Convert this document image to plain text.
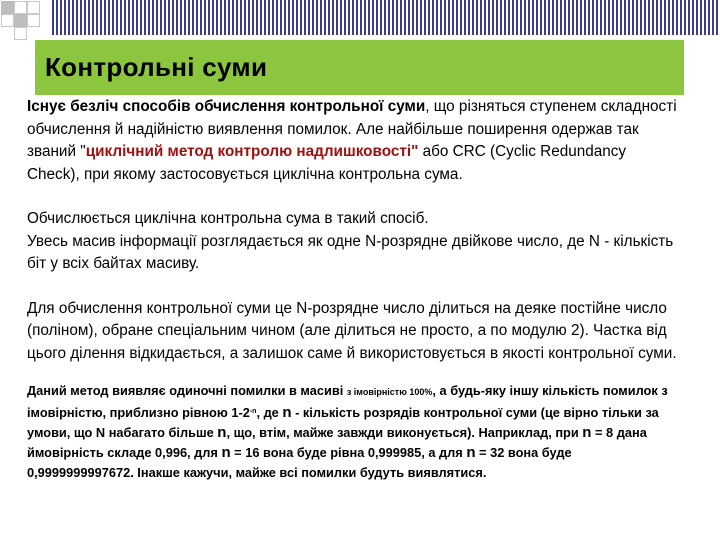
Контрольні суми

Існує безліч способів обчислення контрольної суми, що різняться ступенем складності обчислення й надійністю виявлення помилок. Але найбільше поширення одержав так званий "циклічний метод контролю надлишковості" або CRC (Cyclic Redundancy Check), при якому застосовується циклічна контрольна сума.

Обчислюється циклічна контрольна сума в такий спосіб.

Увесь масив інформації розглядається як одне N-розрядне двійкове число, де N - кількість біт у всіх байтах масиву.

Для обчислення контрольної суми це N-розрядне число ділиться на деяке постійне число (поліном), обране спеціальним чином (але ділиться не просто, а по модулю 2). Частка від цього ділення відкидається, а залишок саме й використовується в якості контрольної суми.

Даний метод виявляє одиночні помилки в масиві з імовірністю 100%, а будь-яку іншу кількість помилок з імовірністю, приблизно рівною $1-2^{-n}$, де n - кількість розрядів контрольної суми (це вірно тільки за умови, що N набагато більше n, що, втім, майже завжди виконується). Наприклад, при n = 8 дана ймовірність складе 0,996, для n = 16 вона буде рівна 0,999985, а для n = 32 вона буде 0,9999999997672. Інакше кажучи, майже всі помилки будуть виявлятися.
